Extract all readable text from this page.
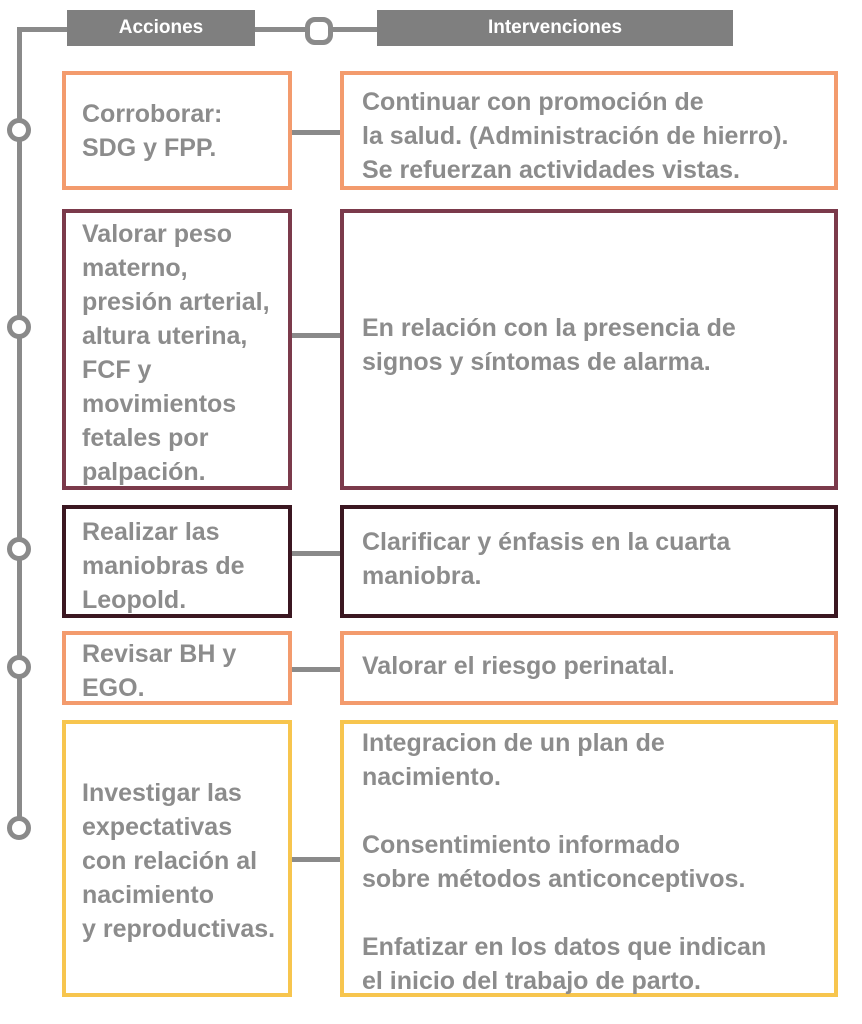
Acciones	Intervenciones
Corroborar:
SDG y FPP.
Continuar con promoción de
la salud. (Administración de hierro).
Se refuerzan actividades vistas.
Valorar peso
materno,
presión arterial,
altura uterina,
FCF y
movimientos
fetales por
palpación.
En relación con la presencia de
signos y síntomas de alarma.
Realizar las
maniobras de
Leopold.
Clarificar y énfasis en la cuarta
maniobra.
Revisar BH y
EGO.
Valorar el riesgo perinatal.
Investigar las
expectativas
con relación al
nacimiento
y reproductivas.
Integracion de un plan de
nacimiento.

Consentimiento informado
sobre métodos anticonceptivos.

Enfatizar en los datos que indican
el inicio del trabajo de parto.
